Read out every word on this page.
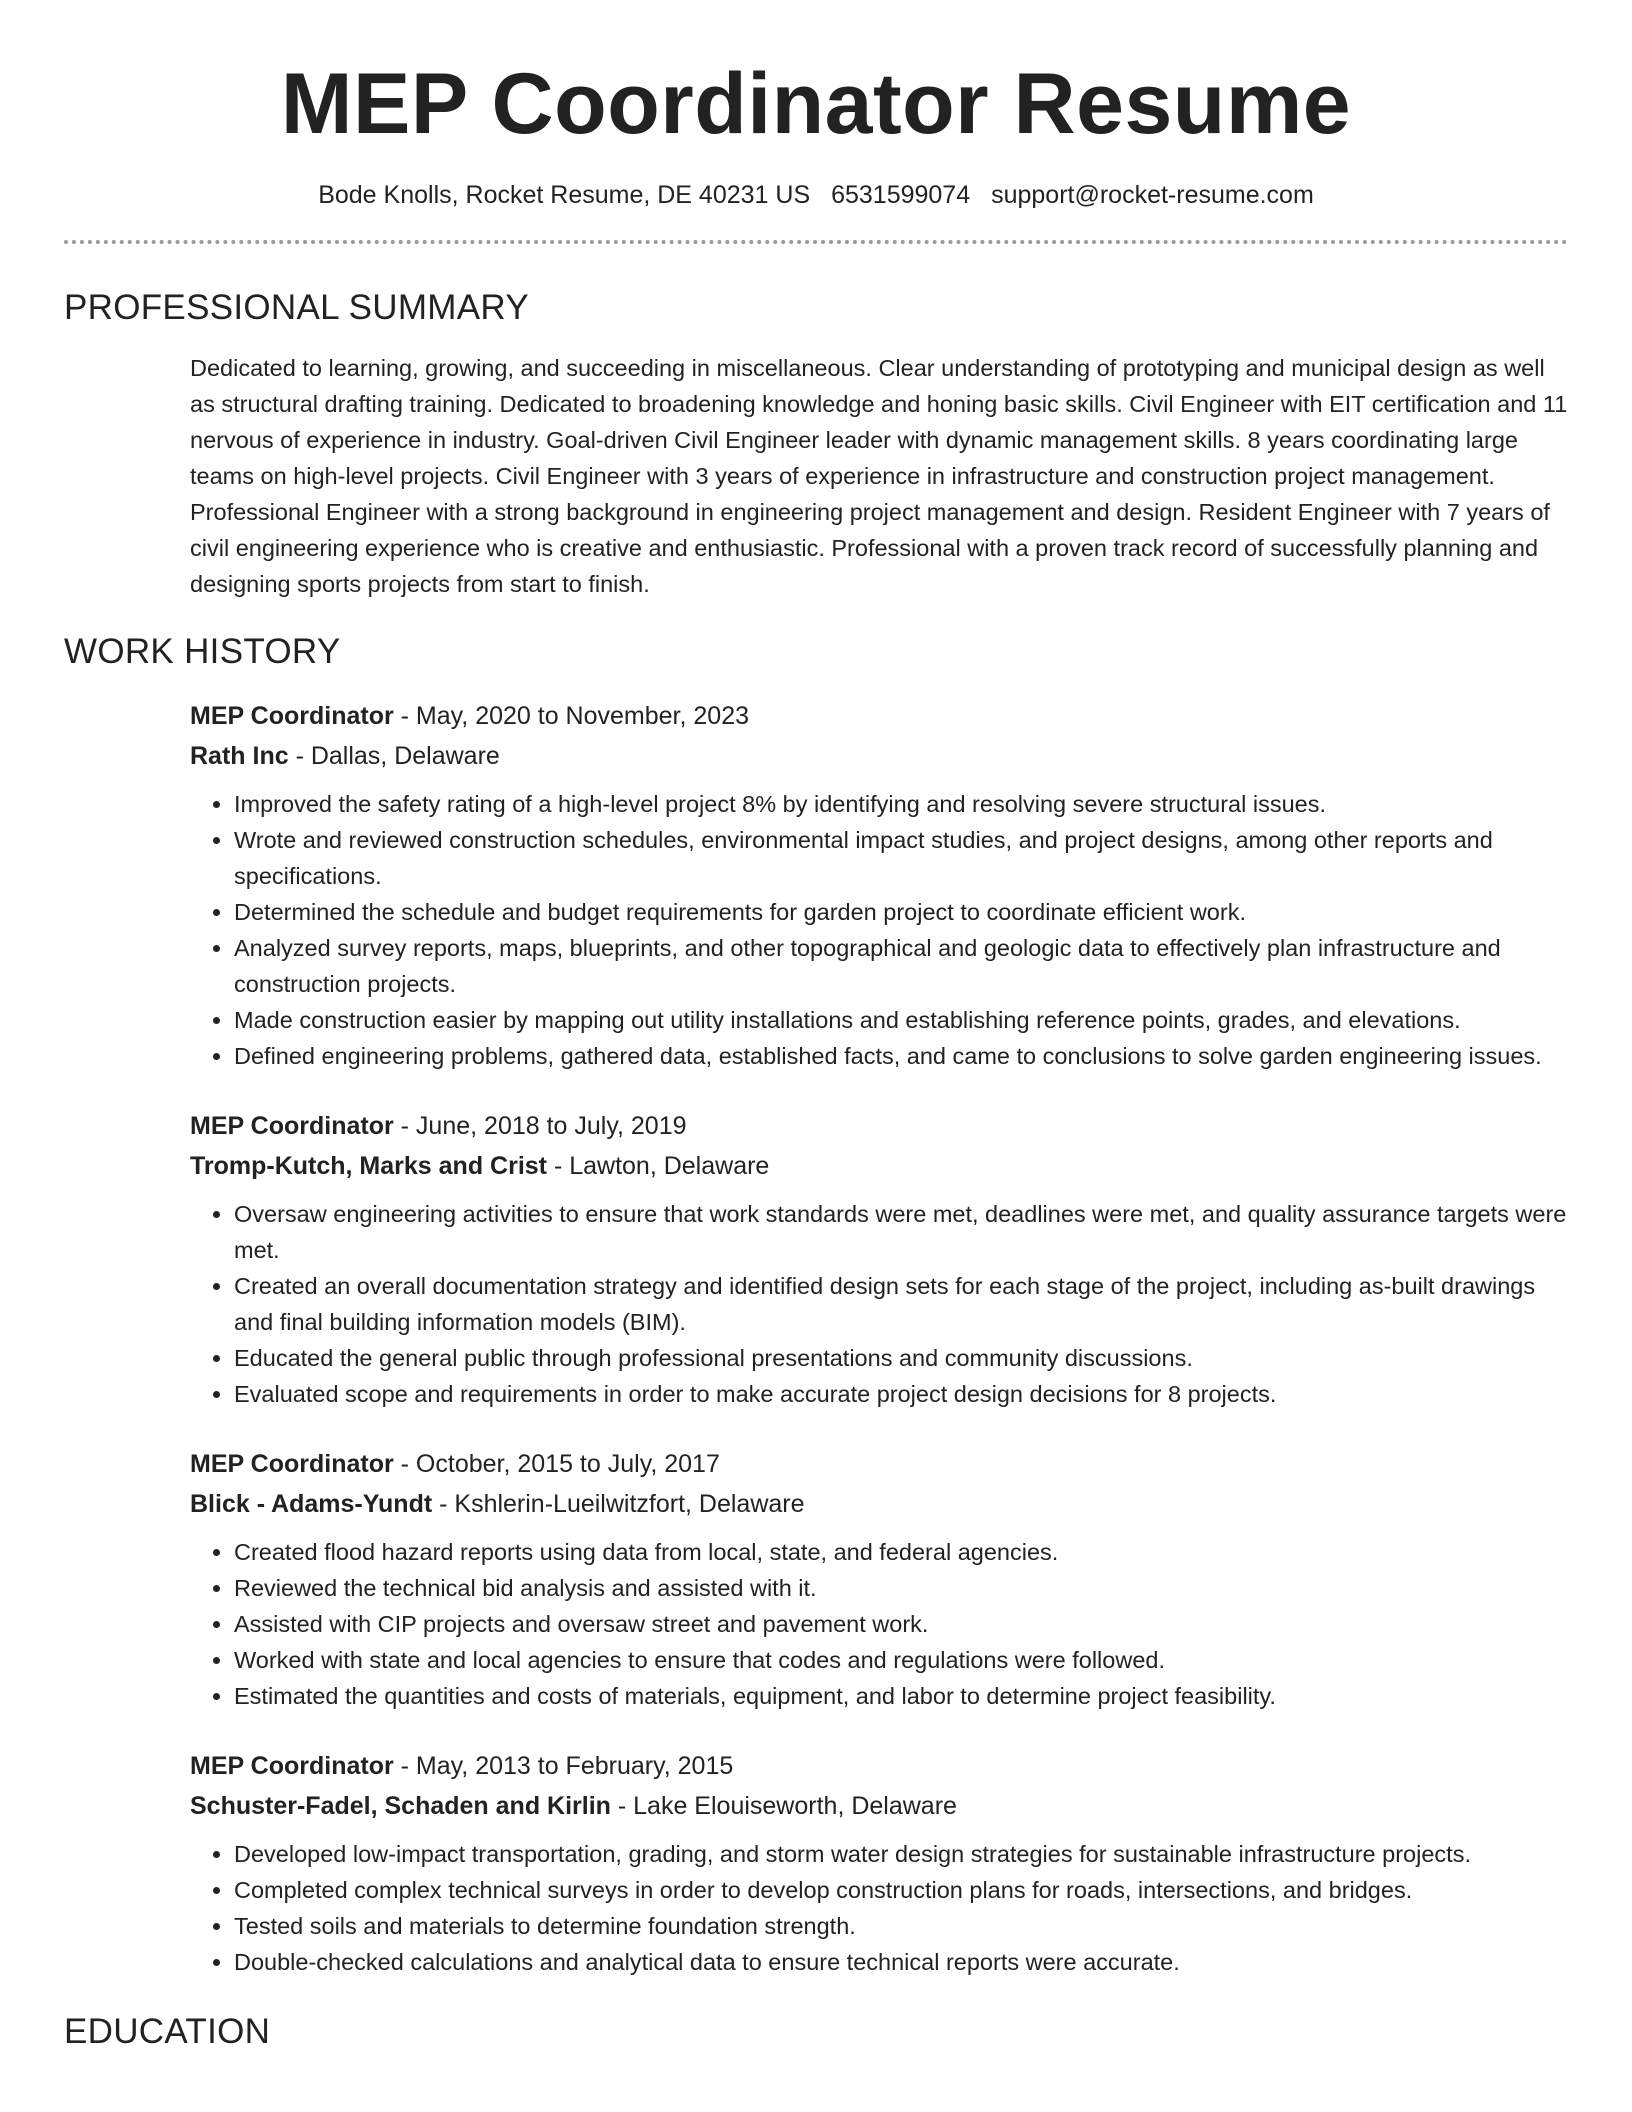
MEP Coordinator Resume
Bode Knolls, Rocket Resume, DE 40231 US 6531599074 support@rocket-resume.com
PROFESSIONAL SUMMARY

Dedicated to learning, growing, and succeeding in miscellaneous. Clear understanding of prototyping and municipal design as well as structural drafting training. Dedicated to broadening knowledge and honing basic skills. Civil Engineer with EIT certification and 11 nervous of experience in industry. Goal-driven Civil Engineer leader with dynamic management skills. 8 years coordinating large teams on high-level projects. Civil Engineer with 3 years of experience in infrastructure and construction project management. Professional Engineer with a strong background in engineering project management and design. Resident Engineer with 7 years of civil engineering experience who is creative and enthusiastic. Professional with a proven track record of successfully planning and designing sports projects from start to finish.

WORK HISTORY
MEP Coordinator - May, 2020 to November, 2023
Rath Inc - Dallas, Delaware
• Improved the safety rating of a high-level project 8% by identifying and resolving severe structural issues.
• Wrote and reviewed construction schedules, environmental impact studies, and project designs, among other reports and specifications.
• Determined the schedule and budget requirements for garden project to coordinate efficient work.
• Analyzed survey reports, maps, blueprints, and other topographical and geologic data to effectively plan infrastructure and construction projects.
• Made construction easier by mapping out utility installations and establishing reference points, grades, and elevations.
• Defined engineering problems, gathered data, established facts, and came to conclusions to solve garden engineering issues.
MEP Coordinator - June, 2018 to July, 2019
Tromp-Kutch, Marks and Crist - Lawton, Delaware
• Oversaw engineering activities to ensure that work standards were met, deadlines were met, and quality assurance targets were met.
• Created an overall documentation strategy and identified design sets for each stage of the project, including as-built drawings and final building information models (BIM).
• Educated the general public through professional presentations and community discussions.
• Evaluated scope and requirements in order to make accurate project design decisions for 8 projects.
MEP Coordinator - October, 2015 to July, 2017
Blick - Adams-Yundt - Kshlerin-Lueilwitzfort, Delaware
• Created flood hazard reports using data from local, state, and federal agencies.
• Reviewed the technical bid analysis and assisted with it.
• Assisted with CIP projects and oversaw street and pavement work.
• Worked with state and local agencies to ensure that codes and regulations were followed.
• Estimated the quantities and costs of materials, equipment, and labor to determine project feasibility.
MEP Coordinator - May, 2013 to February, 2015
Schuster-Fadel, Schaden and Kirlin - Lake Elouiseworth, Delaware
• Developed low-impact transportation, grading, and storm water design strategies for sustainable infrastructure projects.
• Completed complex technical surveys in order to develop construction plans for roads, intersections, and bridges.
• Tested soils and materials to determine foundation strength.
• Double-checked calculations and analytical data to ensure technical reports were accurate.
EDUCATION
